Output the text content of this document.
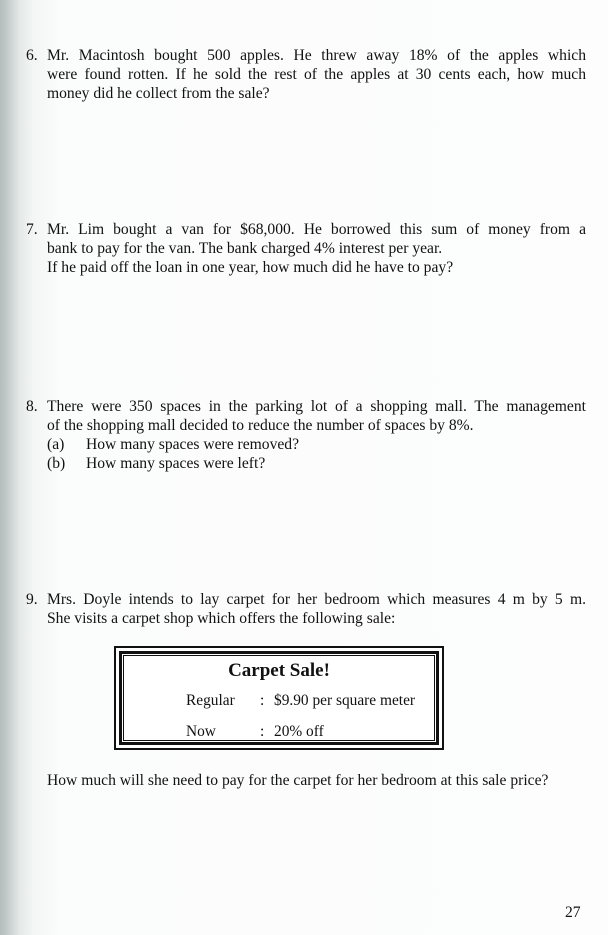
6. Mr. Macintosh bought 500 apples. He threw away 18% of the apples which
were found rotten. If he sold the rest of the apples at 30 cents each, how much
money did he collect from the sale?
7. Mr. Lim bought a van for $68,000. He borrowed this sum of money from a
bank to pay for the van. The bank charged 4% interest per year.
If he paid off the loan in one year, how much did he have to pay?
8. There were 350 spaces in the parking lot of a shopping mall. The management
of the shopping mall decided to reduce the number of spaces by 8%.
(a)	How many spaces were removed?
(b)	How many spaces were left?
9. Mrs. Doyle intends to lay carpet for her bedroom which measures 4 m by 5 m.
She visits a carpet shop which offers the following sale:
Carpet Sale!
Regular : $9.90 per square meter
Now	: 20% off
How much will she need to pay for the carpet for her bedroom at this sale price?
27
